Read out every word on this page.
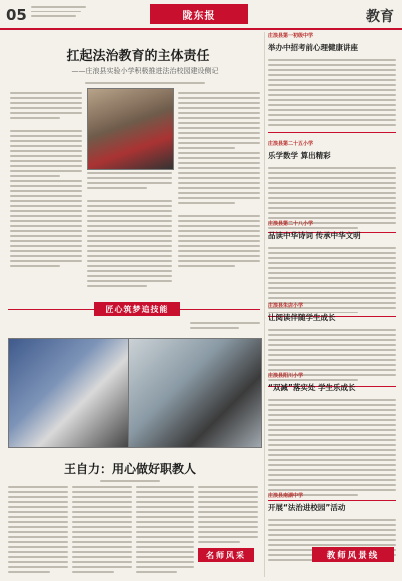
05	陇东报	教育
扛起法治教育的主体责任
——庄浪县实验小学积极推进法治校园建设侧记
匠心筑梦追技能
王自力：用心做好职教人
名师风采
庄浪县第一初级中学
举办中招考前心理健康讲座
庄浪县第二十五小学
乐学数学 算出精彩
庄浪县第二十八小学
品读中华诗词 传承中华文明
庄浪县朱店小学
让阅读伴随学生成长
庄浪县阳川小学
“双减”落实处 学生乐成长
庄浪县南湖中学
开展“法治进校园”活动
教师风景线
